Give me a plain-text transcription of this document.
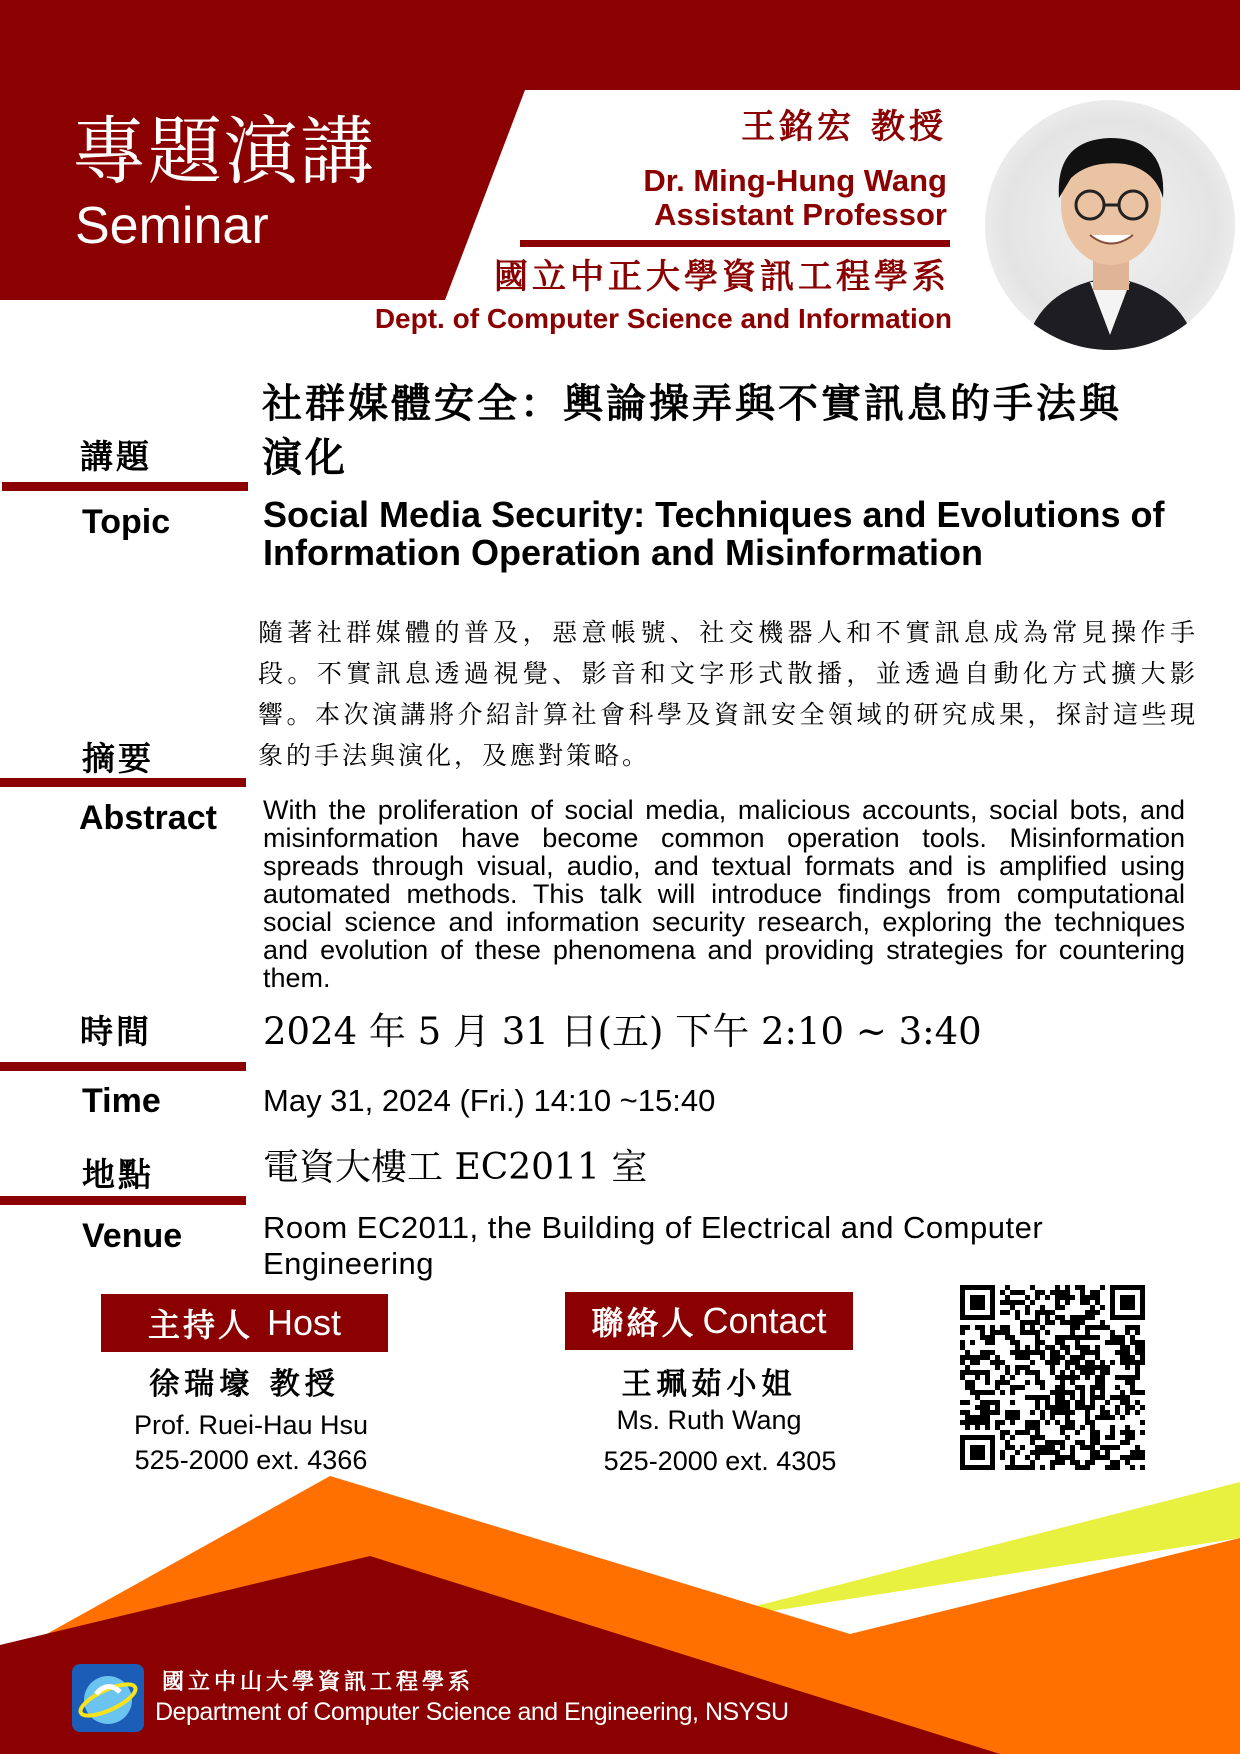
專題演講
Seminar
王銘宏 教授
Dr. Ming-Hung Wang
Assistant Professor
國立中正大學資訊工程學系
Dept. of Computer Science and Information
講題
Topic
社群媒體安全：輿論操弄與不實訊息的手法與
演化
Social Media Security: Techniques and Evolutions of Information Operation and Misinformation
摘要
Abstract
隨著社群媒體的普及，惡意帳號、社交機器人和不實訊息成為常見操作手段。不實訊息透過視覺、影音和文字形式散播，並透過自動化方式擴大影響。本次演講將介紹計算社會科學及資訊安全領域的研究成果，探討這些現象的手法與演化，及應對策略。
With the proliferation of social media, malicious accounts, social bots, and misinformation have become common operation tools. Misinformation spreads through visual, audio, and textual formats and is amplified using automated methods. This talk will introduce findings from computational social science and information security research, exploring the techniques and evolution of these phenomena and providing strategies for countering them.
時間
Time
2024 年 5 月 31 日(五) 下午 2:10 ~ 3:40
May 31, 2024 (Fri.) 14:10 ~15:40
地點
Venue
電資大樓工 EC2011 室
Room EC2011, the Building of Electrical and Computer Engineering
主持人 Host
徐瑞壕 教授
Prof. Ruei-Hau Hsu
525-2000 ext. 4366
聯絡人 Contact
王珮茹小姐
Ms. Ruth Wang
525-2000 ext. 4305
國立中山大學資訊工程學系
Department of Computer Science and Engineering, NSYSU
